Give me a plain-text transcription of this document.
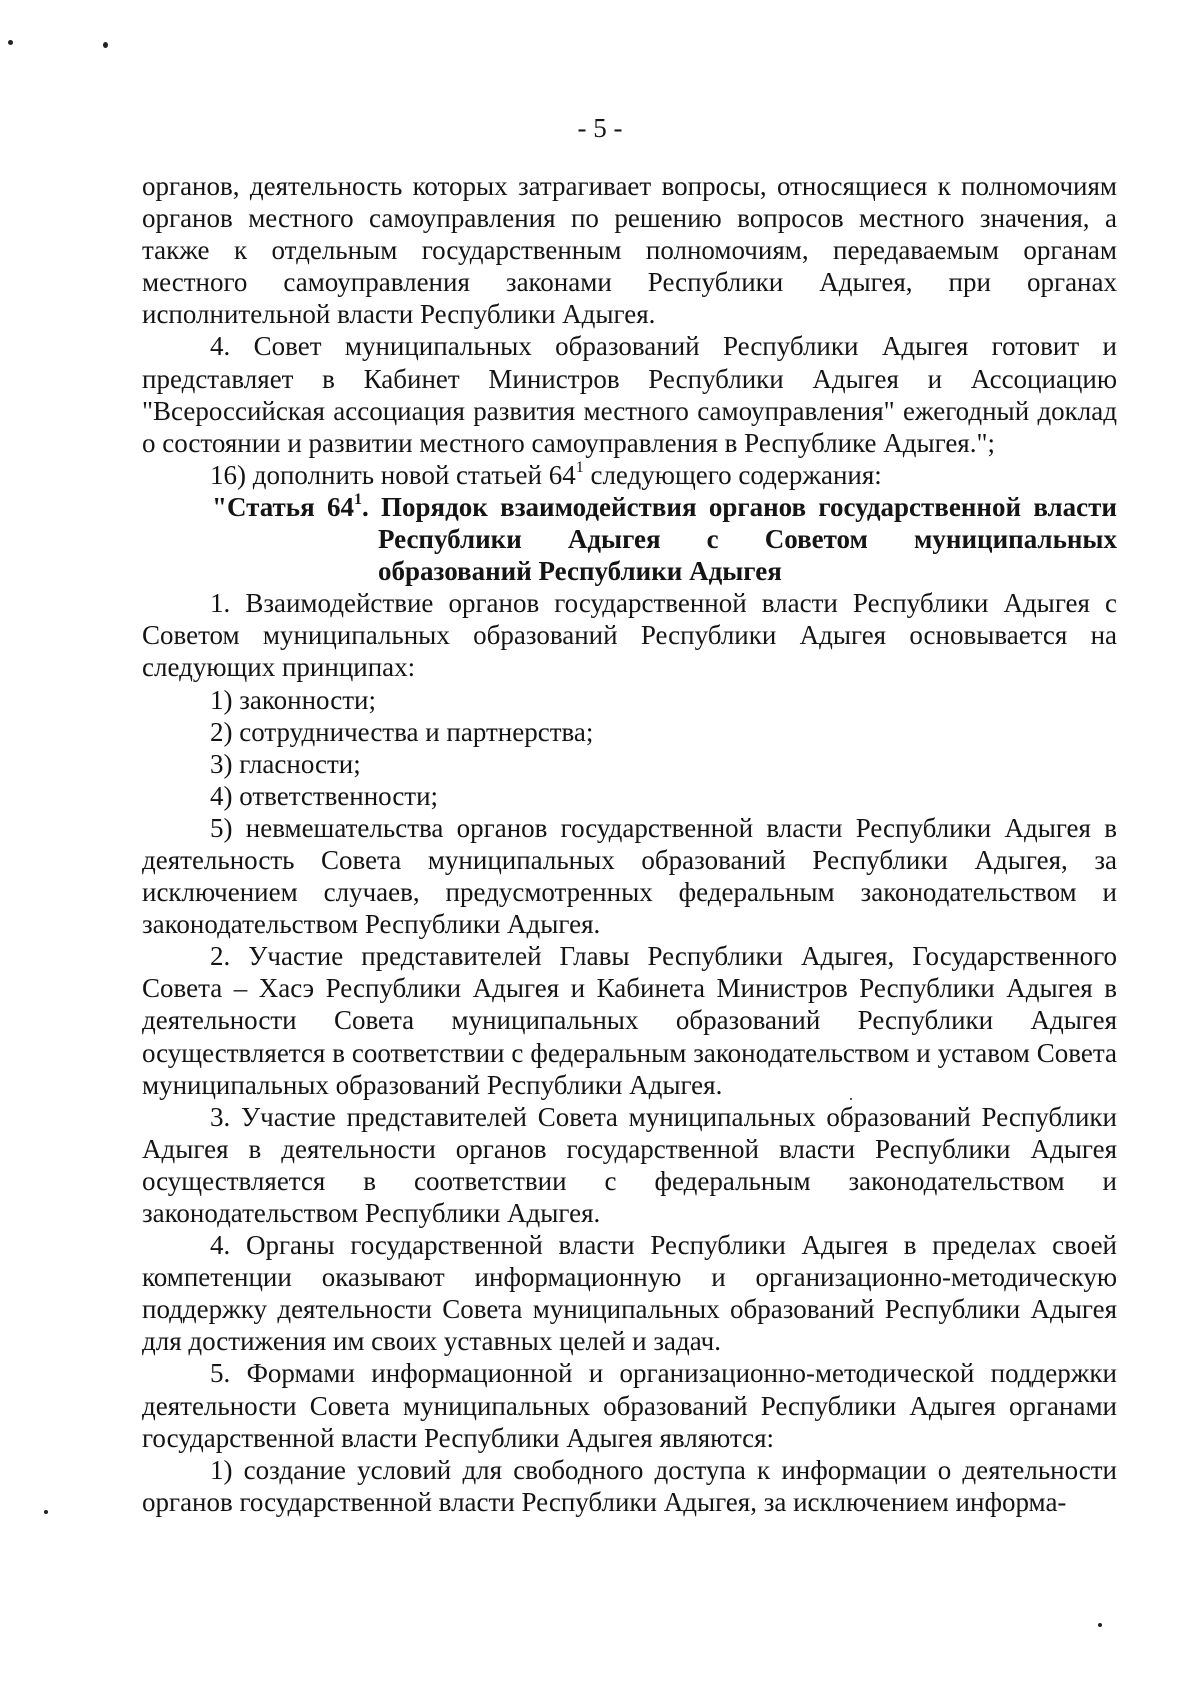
- 5 -

органов, деятельность которых затрагивает вопросы, относящиеся к полномочиям органов местного самоуправления по решению вопросов местного значения, а также к отдельным государственным полномочиям, передаваемым органам местного самоуправления законами Республики Адыгея, при органах исполнительной власти Республики Адыгея.

4. Совет муниципальных образований Республики Адыгея готовит и представляет в Кабинет Министров Республики Адыгея и Ассоциацию "Всероссийская ассоциация развития местного самоуправления" ежегодный доклад о состоянии и развитии местного самоуправления в Республике Адыгея.";

16) дополнить новой статьей $64^1$ следующего содержания:

"Статья $64^1$. Порядок взаимодействия органов государственной власти Республики Адыгея с Советом муниципальных образований Республики Адыгея

1. Взаимодействие органов государственной власти Республики Адыгея с Советом муниципальных образований Республики Адыгея основывается на следующих принципах:

1) законности;

2) сотрудничества и партнерства;

3) гласности;

4) ответственности;

5) невмешательства органов государственной власти Республики Адыгея в деятельность Совета муниципальных образований Республики Адыгея, за исключением случаев, предусмотренных федеральным законодательством и законодательством Республики Адыгея.

2. Участие представителей Главы Республики Адыгея, Государственного Совета – Хасэ Республики Адыгея и Кабинета Министров Республики Адыгея в деятельности Совета муниципальных образований Республики Адыгея осуществляется в соответствии с федеральным законодательством и уставом Совета муниципальных образований Республики Адыгея.

3. Участие представителей Совета муниципальных образований Республики Адыгея в деятельности органов государственной власти Республики Адыгея осуществляется в соответствии с федеральным законодательством и законодательством Республики Адыгея.

4. Органы государственной власти Республики Адыгея в пределах своей компетенции оказывают информационную и организационно-методическую поддержку деятельности Совета муниципальных образований Республики Адыгея для достижения им своих уставных целей и задач.

5. Формами информационной и организационно-методической поддержки деятельности Совета муниципальных образований Республики Адыгея органами государственной власти Республики Адыгея являются:

1) создание условий для свободного доступа к информации о деятельности органов государственной власти Республики Адыгея, за исключением информа-
